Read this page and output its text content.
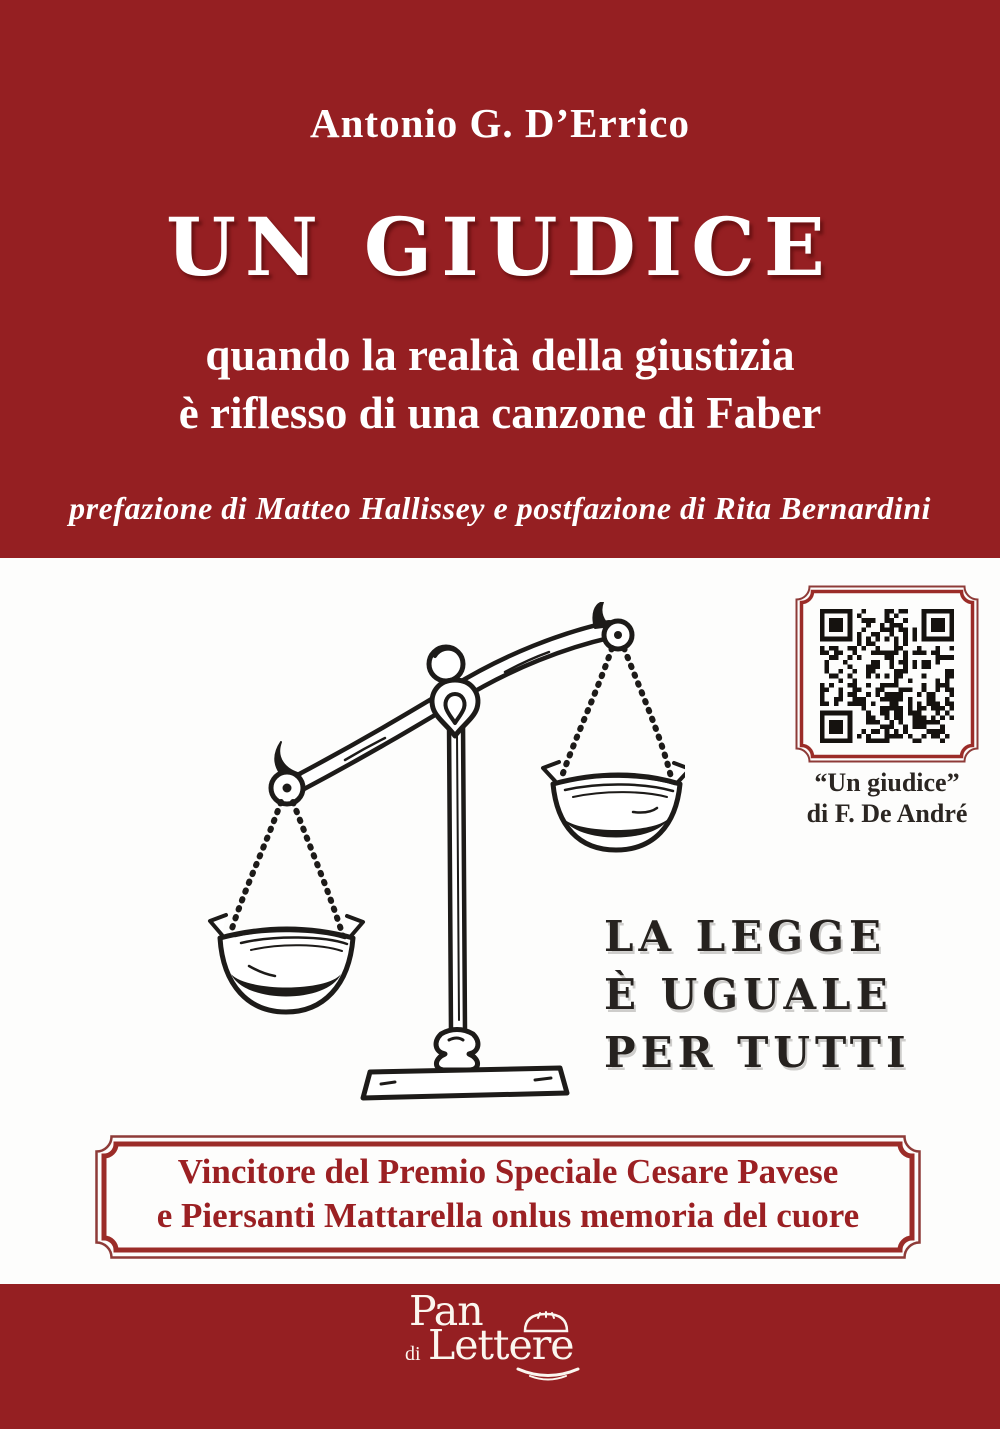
Antonio G. D’Errico
UN GIUDICE
quando la realtà della giustizia
è riflesso di una canzone di Faber
prefazione di Matteo Hallissey e postfazione di Rita Bernardini
“Un giudice”
di F. De André
LA LEGGE
È UGUALE
PER TUTTI
Vincitore del Premio Speciale Cesare Pavese
e Piersanti Mattarella onlus memoria del cuore
Pan
di Lettere
